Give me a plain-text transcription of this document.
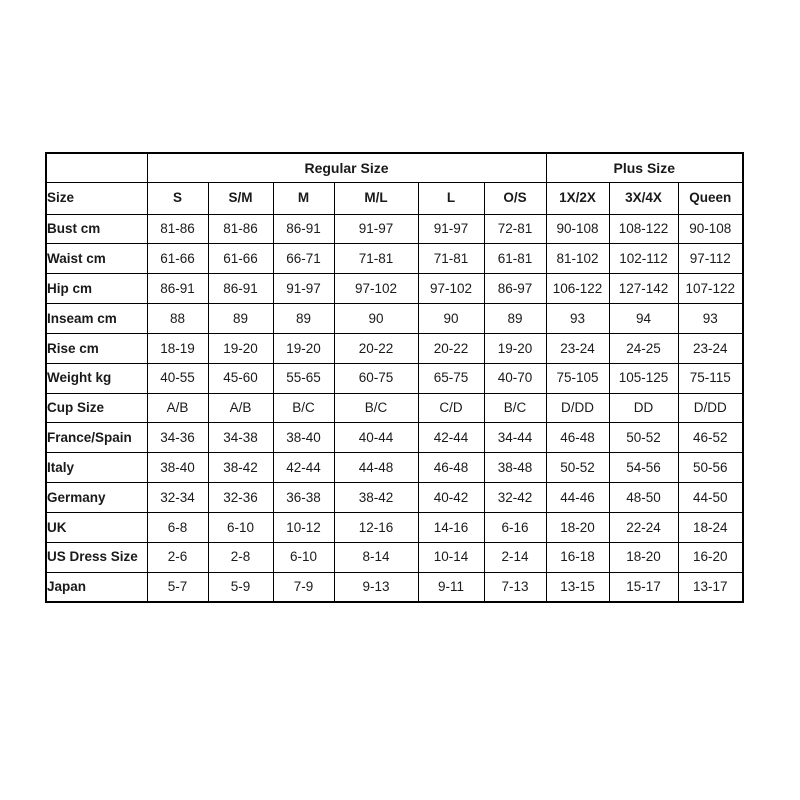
	Regular Size						Plus Size		
Size	S	S/M	M	M/L	L	O/S	1X/2X	3X/4X	Queen
Bust cm	81-86	81-86	86-91	91-97	91-97	72-81	90-108	108-122	90-108
Waist cm	61-66	61-66	66-71	71-81	71-81	61-81	81-102	102-112	97-112
Hip cm	86-91	86-91	91-97	97-102	97-102	86-97	106-122	127-142	107-122
Inseam cm	88	89	89	90	90	89	93	94	93
Rise cm	18-19	19-20	19-20	20-22	20-22	19-20	23-24	24-25	23-24
Weight kg	40-55	45-60	55-65	60-75	65-75	40-70	75-105	105-125	75-115
Cup Size	A/B	A/B	B/C	B/C	C/D	B/C	D/DD	DD	D/DD
France/Spain	34-36	34-38	38-40	40-44	42-44	34-44	46-48	50-52	46-52
Italy	38-40	38-42	42-44	44-48	46-48	38-48	50-52	54-56	50-56
Germany	32-34	32-36	36-38	38-42	40-42	32-42	44-46	48-50	44-50
UK	6-8	6-10	10-12	12-16	14-16	6-16	18-20	22-24	18-24
US Dress Size	2-6	2-8	6-10	8-14	10-14	2-14	16-18	18-20	16-20
Japan	5-7	5-9	7-9	9-13	9-11	7-13	13-15	15-17	13-17
